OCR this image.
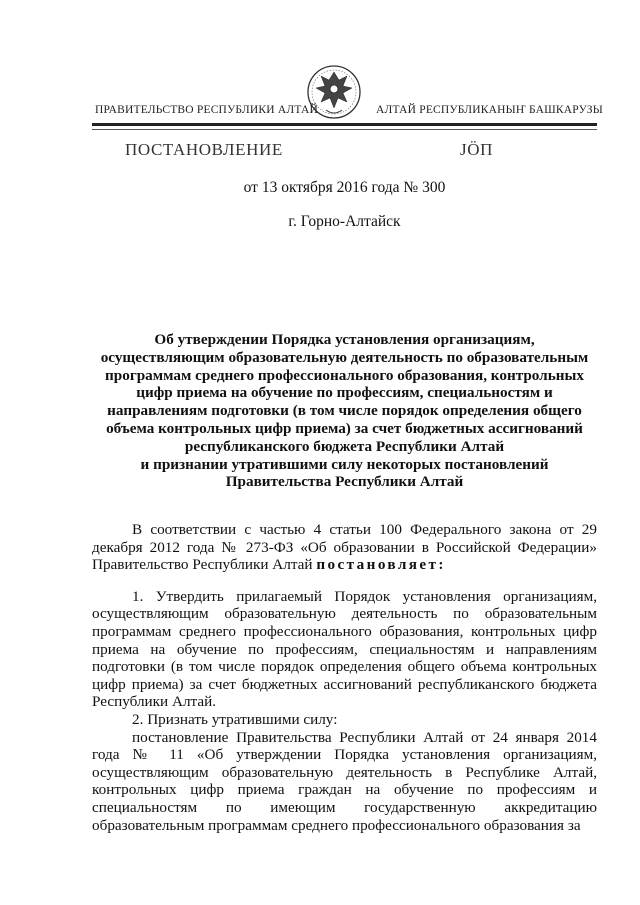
ПРАВИТЕЛЬСТВО РЕСПУБЛИКИ АЛТАЙ	АЛТАЙ РЕСПУБЛИКАНЫҤ БАШКАРУЗЫ
ПОСТАНОВЛЕНИЕ	JӦП
от 13 октября 2016 года № 300
г. Горно-Алтайск
Об утверждении Порядка установления организациям,
осуществляющим образовательную деятельность по образовательным
программам среднего профессионального образования, контрольных
цифр приема на обучение по профессиям, специальностям и
направлениям подготовки (в том числе порядок определения общего
объема контрольных цифр приема) за счет бюджетных ассигнований
республиканского бюджета Республики Алтай
и признании утратившими силу некоторых постановлений
Правительства Республики Алтай

В соответствии с частью 4 статьи 100 Федерального закона от 29 декабря 2012 года № 273-ФЗ «Об образовании в Российской Федерации» Правительство Республики Алтай постановляет:

1. Утвердить прилагаемый Порядок установления организациям, осуществляющим образовательную деятельность по образовательным программам среднего профессионального образования, контрольных цифр приема на обучение по профессиям, специальностям и направлениям подготовки (в том числе порядок определения общего объема контрольных цифр приема) за счет бюджетных ассигнований республиканского бюджета Республики Алтай.

2. Признать утратившими силу:

постановление Правительства Республики Алтай от 24 января 2014 года № 11 «Об утверждении Порядка установления организациям, осуществляющим образовательную деятельность в Республике Алтай, контрольных цифр приема граждан на обучение по профессиям и специальностям по имеющим государственную аккредитацию образовательным программам среднего профессионального образования за
